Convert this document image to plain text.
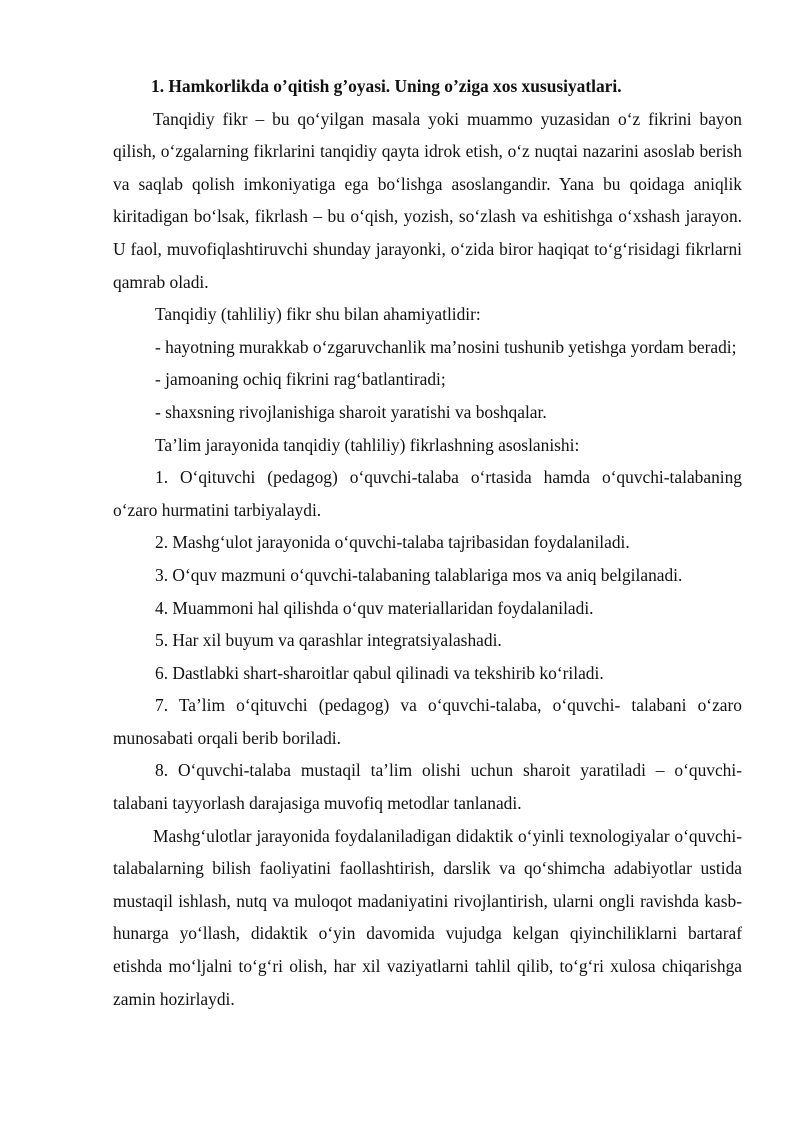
1. Hamkorlikda o’qitish g’oyasi. Uning o’ziga xos xususiyatlari.

Tanqidiy fikr – bu qo‘yilgan masala yoki muammo yuzasidan o‘z fikrini bayon qilish, o‘zgalarning fikrlarini tanqidiy qayta idrok etish, o‘z nuqtai nazarini asoslab berish va saqlab qolish imkoniyatiga ega bo‘lishga asoslangandir. Yana bu qoidaga aniqlik kiritadigan bo‘lsak, fikrlash – bu o‘qish, yozish, so‘zlash va eshitishga o‘xshash jarayon. U faol, muvofiqlashtiruvchi shunday jarayonki, o‘zida biror haqiqat to‘g‘risidagi fikrlarni qamrab oladi.

Tanqidiy (tahliliy) fikr shu bilan ahamiyatlidir:

- hayotning murakkab o‘zgaruvchanlik ma’nosini tushunib yetishga yordam beradi;

- jamoaning ochiq fikrini rag‘batlantiradi;

- shaxsning rivojlanishiga sharoit yaratishi va boshqalar.

Ta’lim jarayonida tanqidiy (tahliliy) fikrlashning asoslanishi:

1. O‘qituvchi (pedagog) o‘quvchi-talaba o‘rtasida hamda o‘quvchi-talabaning o‘zaro hurmatini tarbiyalaydi.

2. Mashg‘ulot jarayonida o‘quvchi-talaba tajribasidan foydalaniladi.

3. O‘quv mazmuni o‘quvchi-talabaning talablariga mos va aniq belgilanadi.

4. Muammoni hal qilishda o‘quv materiallaridan foydalaniladi.

5. Har xil buyum va qarashlar integratsiyalashadi.

6. Dastlabki shart-sharoitlar qabul qilinadi va tekshirib ko‘riladi.

7. Ta’lim o‘qituvchi (pedagog) va o‘quvchi-talaba, o‘quvchi- talabani o‘zaro munosabati orqali berib boriladi.

8. O‘quvchi-talaba mustaqil ta’lim olishi uchun sharoit yaratiladi – o‘quvchi-talabani tayyorlash darajasiga muvofiq metodlar tanlanadi.

Mashg‘ulotlar jarayonida foydalaniladigan didaktik o‘yinli texnologiyalar o‘quvchi-talabalarning bilish faoliyatini faollashtirish, darslik va qo‘shimcha adabiyotlar ustida mustaqil ishlash, nutq va muloqot madaniyatini rivojlantirish, ularni ongli ravishda kasb-hunarga yo‘llash, didaktik o‘yin davomida vujudga kelgan qiyinchiliklarni bartaraf etishda mo‘ljalni to‘g‘ri olish, har xil vaziyatlarni tahlil qilib, to‘g‘ri xulosa chiqarishga zamin hozirlaydi.
